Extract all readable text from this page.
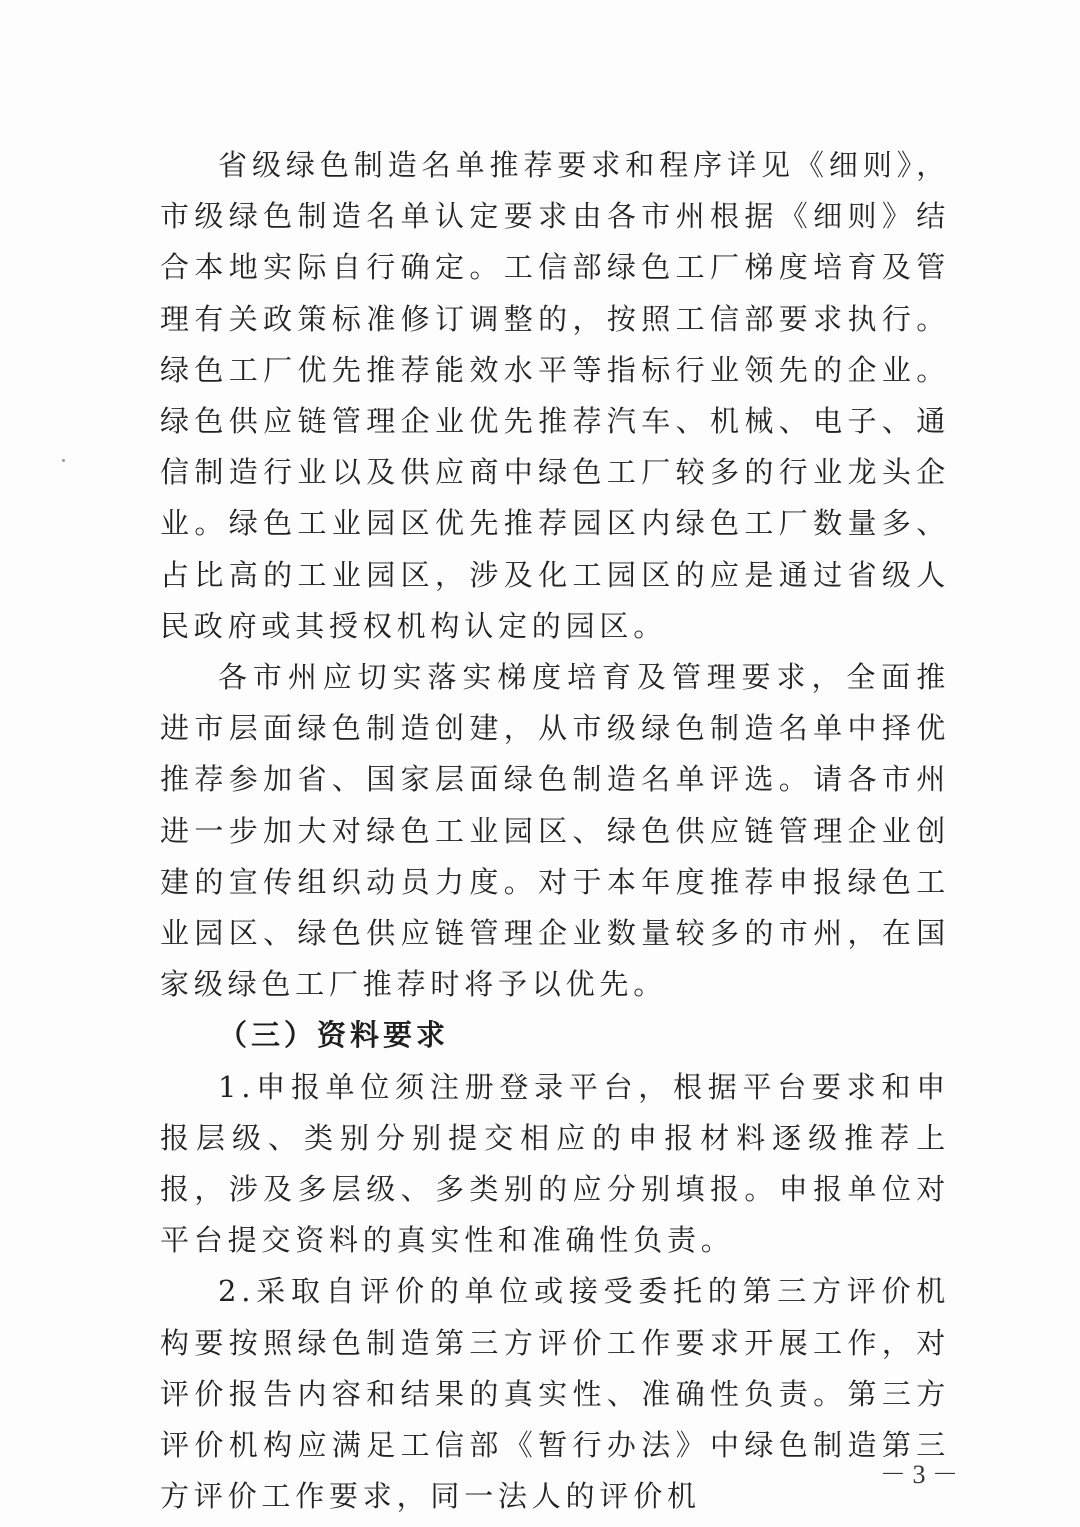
省级绿色制造名单推荐要求和程序详见《细则》，市级绿色制造名单认定要求由各市州根据《细则》结合本地实际自行确定。工信部绿色工厂梯度培育及管理有关政策标准修订调整的，按照工信部要求执行。绿色工厂优先推荐能效水平等指标行业领先的企业。绿色供应链管理企业优先推荐汽车、机械、电子、通信制造行业以及供应商中绿色工厂较多的行业龙头企业。绿色工业园区优先推荐园区内绿色工厂数量多、占比高的工业园区，涉及化工园区的应是通过省级人民政府或其授权机构认定的园区。

各市州应切实落实梯度培育及管理要求，全面推进市层面绿色制造创建，从市级绿色制造名单中择优推荐参加省、国家层面绿色制造名单评选。请各市州进一步加大对绿色工业园区、绿色供应链管理企业创建的宣传组织动员力度。对于本年度推荐申报绿色工业园区、绿色供应链管理企业数量较多的市州，在国家级绿色工厂推荐时将予以优先。

（三）资料要求

1.申报单位须注册登录平台，根据平台要求和申报层级、类别分别提交相应的申报材料逐级推荐上报，涉及多层级、多类别的应分别填报。申报单位对平台提交资料的真实性和准确性负责。

2.采取自评价的单位或接受委托的第三方评价机构要按照绿色制造第三方评价工作要求开展工作，对评价报告内容和结果的真实性、准确性负责。第三方评价机构应满足工信部《暂行办法》中绿色制造第三方评价工作要求，同一法人的评价机

－ 3 －
